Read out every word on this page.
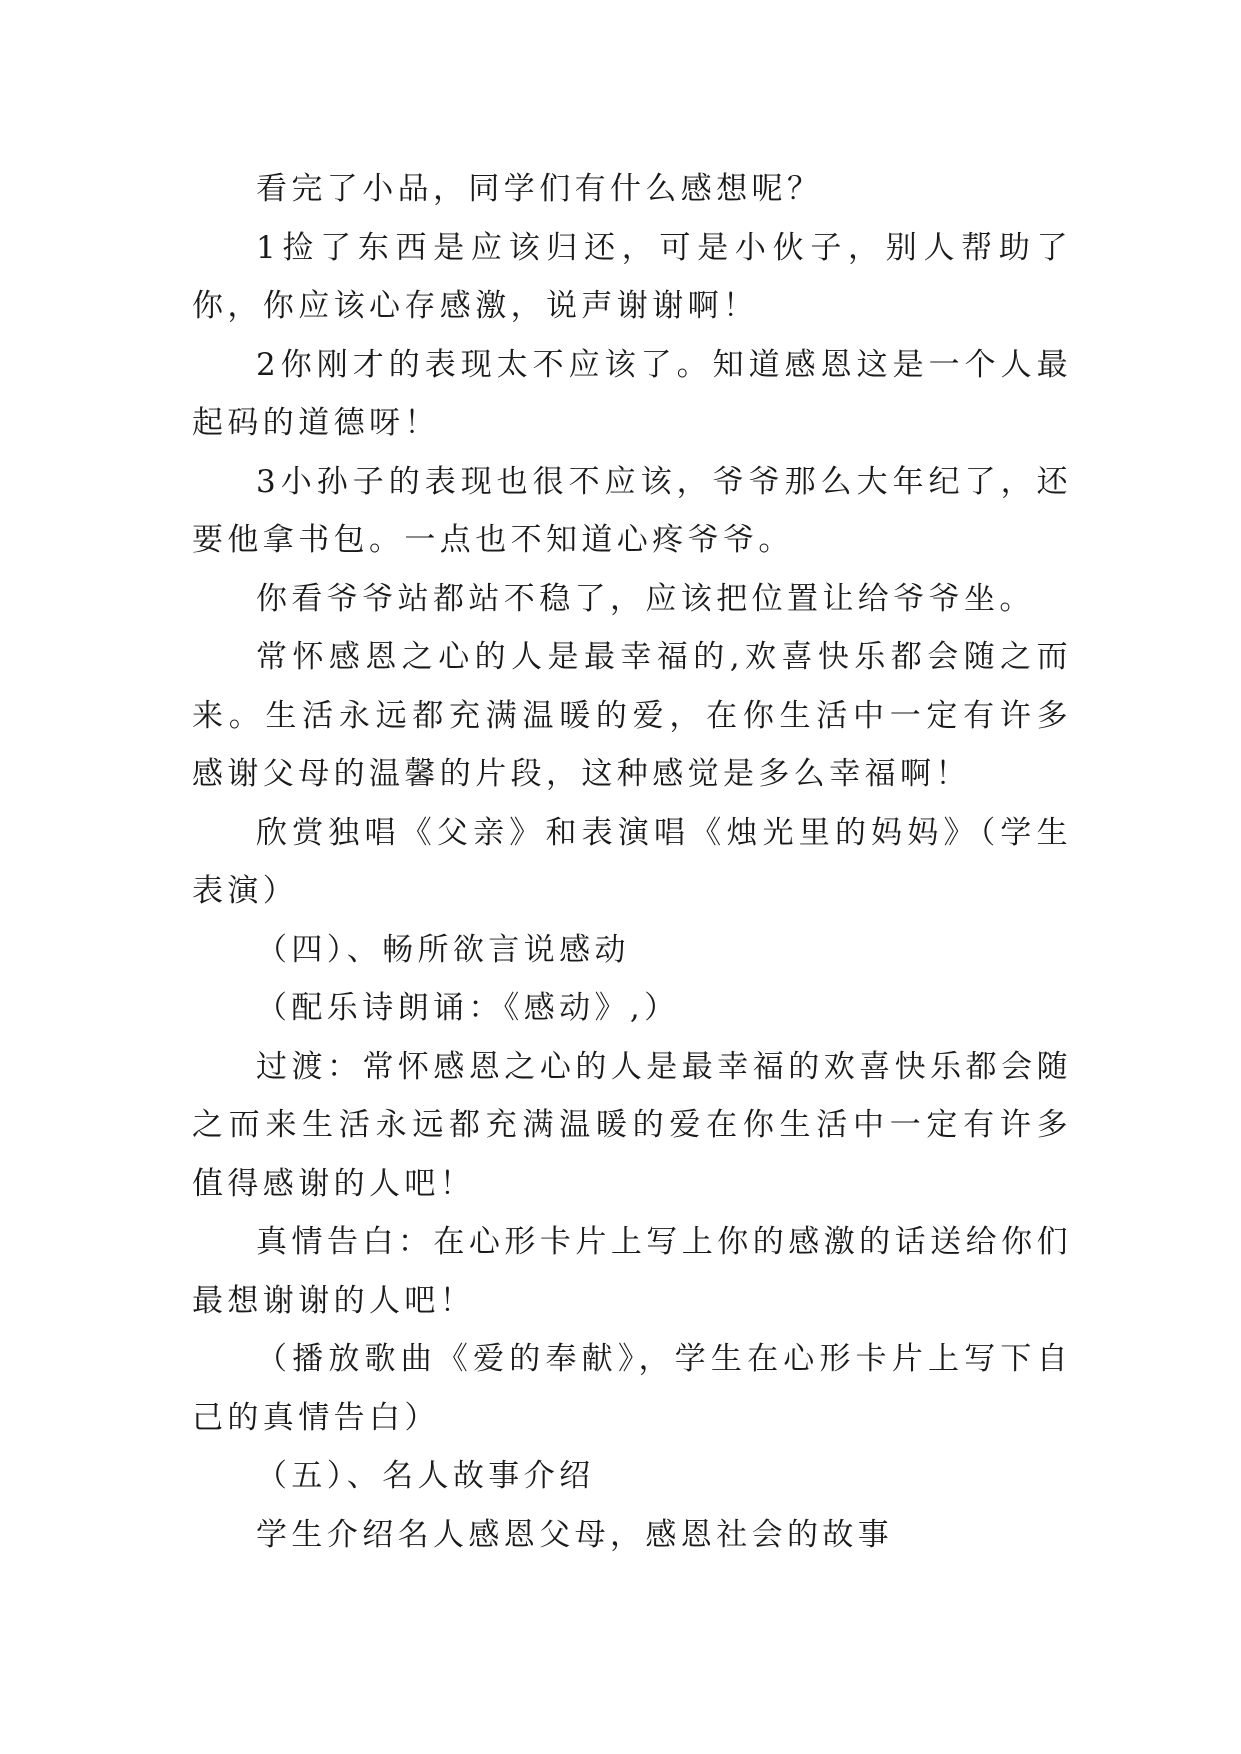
看完了小品，同学们有什么感想呢？

1捡了东西是应该归还，可是小伙子，别人帮助了你，你应该心存感激，说声谢谢啊！

2你刚才的表现太不应该了。知道感恩这是一个人最起码的道德呀！

3小孙子的表现也很不应该，爷爷那么大年纪了，还要他拿书包。一点也不知道心疼爷爷。

你看爷爷站都站不稳了，应该把位置让给爷爷坐。

常怀感恩之心的人是最幸福的,欢喜快乐都会随之而来。生活永远都充满温暖的爱，在你生活中一定有许多感谢父母的温馨的片段，这种感觉是多么幸福啊！

欣赏独唱《父亲》和表演唱《烛光里的妈妈》（学生表演）

（四）、畅所欲言说感动

（配乐诗朗诵：《感动》,）

过渡：常怀感恩之心的人是最幸福的欢喜快乐都会随之而来生活永远都充满温暖的爱在你生活中一定有许多值得感谢的人吧！

真情告白：在心形卡片上写上你的感激的话送给你们最想谢谢的人吧！

（播放歌曲《爱的奉献》，学生在心形卡片上写下自己的真情告白）

（五）、名人故事介绍

学生介绍名人感恩父母，感恩社会的故事
